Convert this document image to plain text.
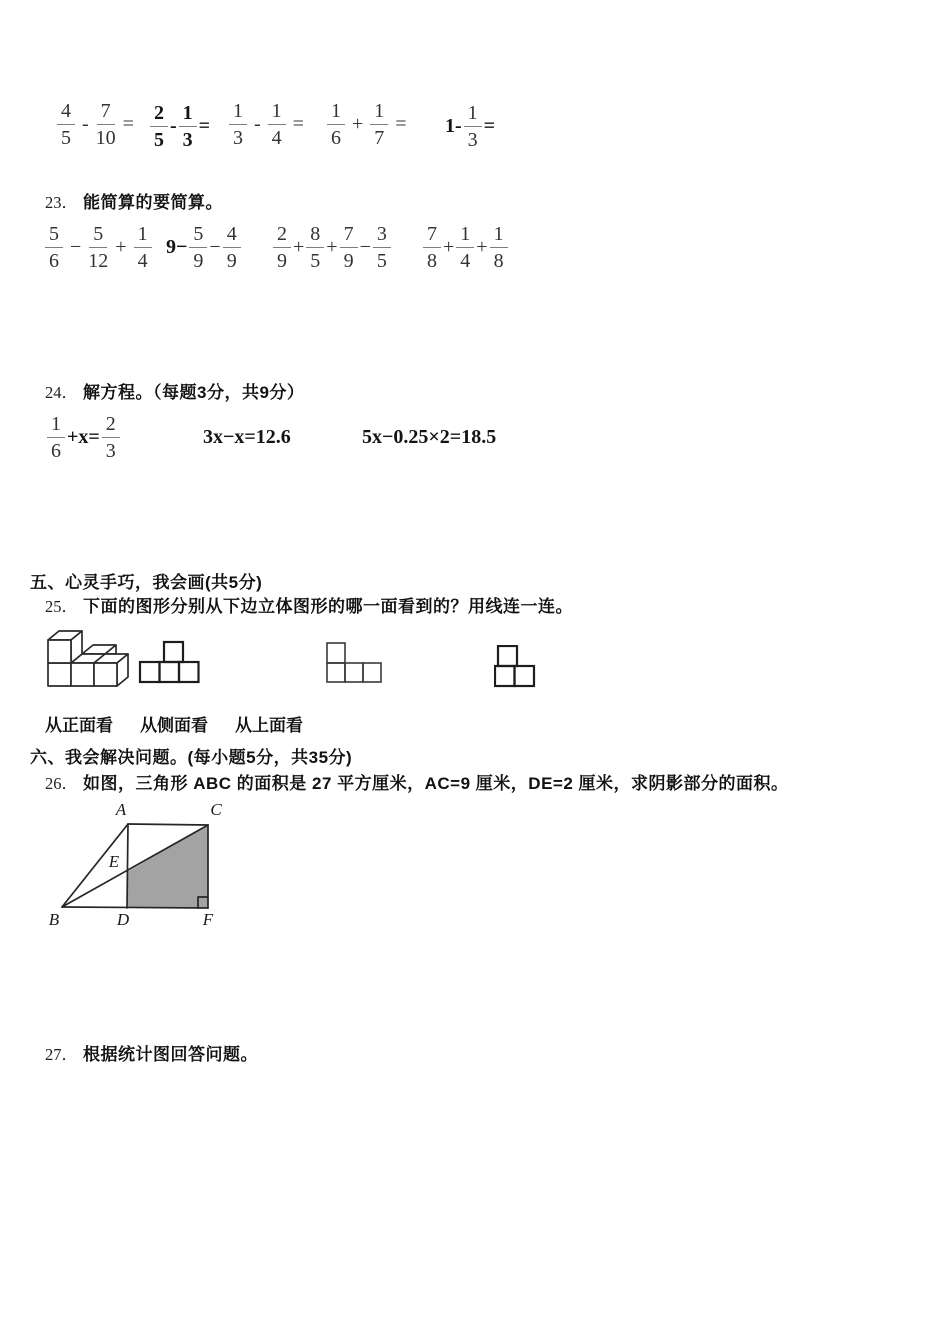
$\frac{4}{5} - \frac{7}{10} = \frac{2}{5} - \frac{1}{3} = \frac{1}{3} - \frac{1}{4} = \frac{1}{6} + \frac{1}{7} = 1- \frac{1}{3}$ =
23． 能简算的要简算。
$\frac{5}{6} - \frac{5}{12} + \frac{1}{4} 9- \frac{5}{9} - \frac{4}{9} \frac{2}{9} + \frac{8}{5} + \frac{7}{9} - \frac{3}{5} \frac{7}{8} + \frac{1}{4} + \frac{1}{8}$
24． 解方程。（每题3分，共9分）
$\frac{1}{6} +x= \frac{2}{3}$	3x−x=12.6	5x−0.25×2=18.5
五、心灵手巧，我会画(共5分)
25． 下面的图形分别从下边立体图形的哪一面看到的？用线连一连。
从正面看 从侧面看 从上面看
六、我会解决问题。(每小题5分，共35分)
26． 如图，三角形 ABC 的面积是 27 平方厘米，AC=9 厘米，DE=2 厘米，求阴影部分的面积。
A	C
E
B	D	F
27． 根据统计图回答问题。
